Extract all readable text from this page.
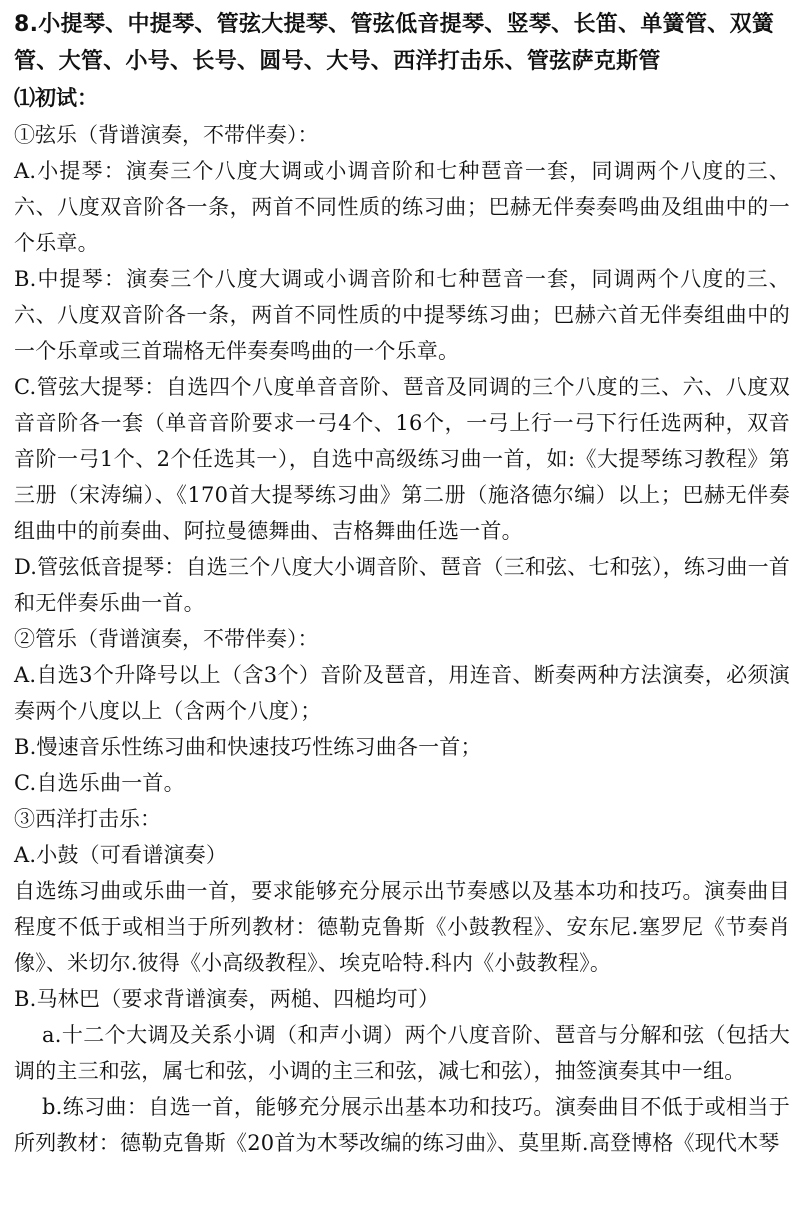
8.小提琴、中提琴、管弦大提琴、管弦低音提琴、竖琴、长笛、单簧管、双簧管、大管、小号、长号、圆号、大号、西洋打击乐、管弦萨克斯管

⑴初试：

①弦乐（背谱演奏，不带伴奏）：

A.小提琴：演奏三个八度大调或小调音阶和七种琶音一套，同调两个八度的三、六、八度双音阶各一条，两首不同性质的练习曲；巴赫无伴奏奏鸣曲及组曲中的一个乐章。

B.中提琴：演奏三个八度大调或小调音阶和七种琶音一套，同调两个八度的三、六、八度双音阶各一条，两首不同性质的中提琴练习曲；巴赫六首无伴奏组曲中的一个乐章或三首瑞格无伴奏奏鸣曲的一个乐章。

C.管弦大提琴：自选四个八度单音音阶、琶音及同调的三个八度的三、六、八度双音音阶各一套（单音音阶要求一弓4个、16个，一弓上行一弓下行任选两种，双音音阶一弓1个、2个任选其一），自选中高级练习曲一首，如:《大提琴练习教程》第三册（宋涛编）、《170首大提琴练习曲》第二册（施洛德尔编）以上；巴赫无伴奏组曲中的前奏曲、阿拉曼德舞曲、吉格舞曲任选一首。

D.管弦低音提琴：自选三个八度大小调音阶、琶音（三和弦、七和弦），练习曲一首和无伴奏乐曲一首。

②管乐（背谱演奏，不带伴奏）：

A.自选3个升降号以上（含3个）音阶及琶音，用连音、断奏两种方法演奏，必须演奏两个八度以上（含两个八度）；

B.慢速音乐性练习曲和快速技巧性练习曲各一首；

C.自选乐曲一首。

③西洋打击乐：

A.小鼓（可看谱演奏）

自选练习曲或乐曲一首，要求能够充分展示出节奏感以及基本功和技巧。演奏曲目程度不低于或相当于所列教材：德勒克鲁斯《小鼓教程》、安东尼.塞罗尼《节奏肖像》、米切尔.彼得《小高级教程》、埃克哈特.科内《小鼓教程》。

B.马林巴（要求背谱演奏，两槌、四槌均可）

a.十二个大调及关系小调（和声小调）两个八度音阶、琶音与分解和弦（包括大调的主三和弦，属七和弦，小调的主三和弦，减七和弦），抽签演奏其中一组。

b.练习曲：自选一首，能够充分展示出基本功和技巧。演奏曲目不低于或相当于所列教材：德勒克鲁斯《20首为木琴改编的练习曲》、莫里斯.高登博格《现代木琴
